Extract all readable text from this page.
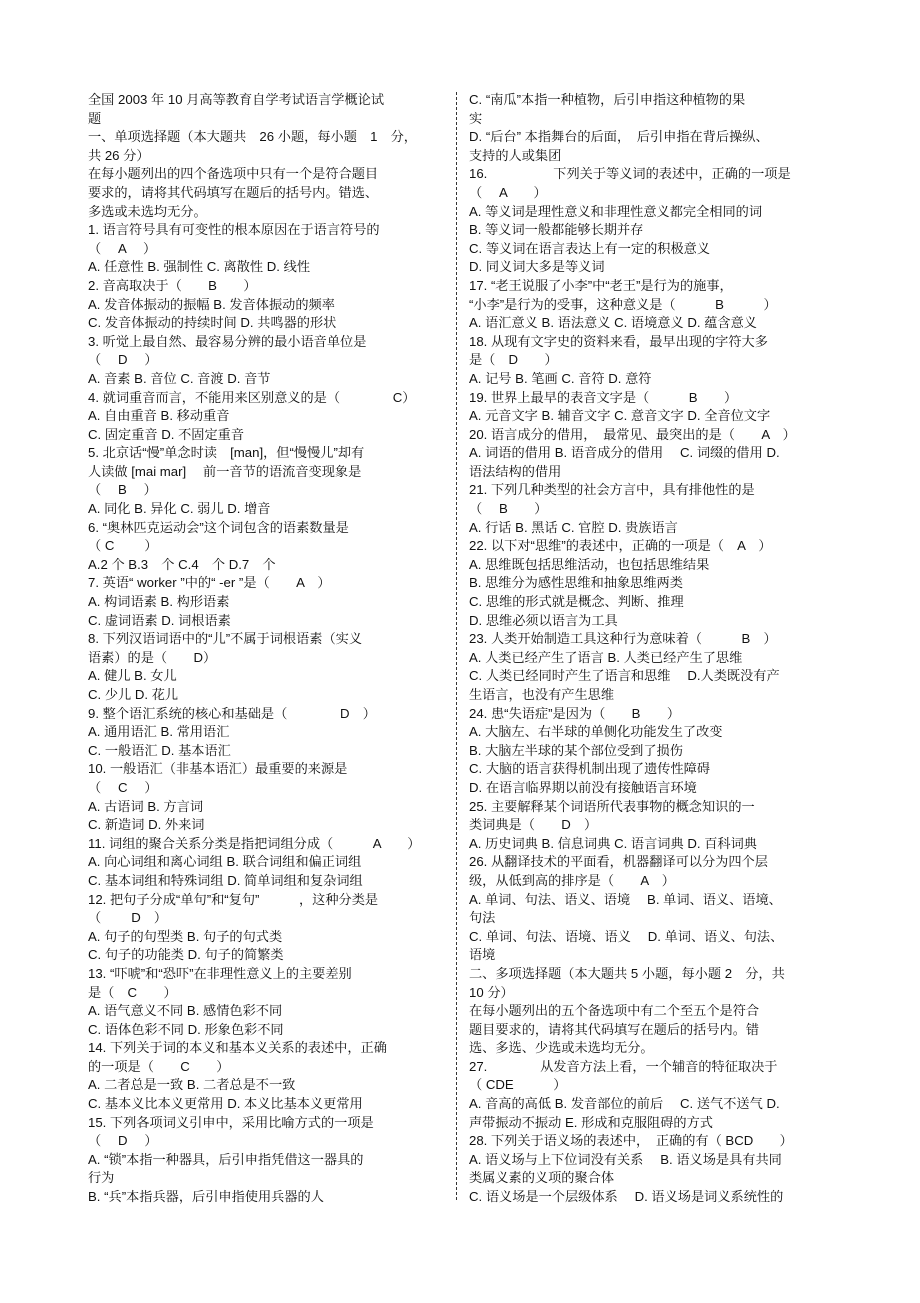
全国 2003 年 10 月高等教育自学考试语言学概论试
题
一、单项选择题（本大题共　26 小题，每小题　1　分，
共 26 分）
在每小题列出的四个备选项中只有一个是符合题目
要求的，请将其代码填写在题后的括号内。错选、
多选或未选均无分。
1. 语言符号具有可变性的根本原因在于语言符号的
（　 A　 ）
A. 任意性 B. 强制性 C. 离散性 D. 线性
2. 音高取决于（　　B　　）
A. 发音体振动的振幅 B. 发音体振动的频率
C. 发音体振动的持续时间 D. 共鸣器的形状
3. 听觉上最自然、最容易分辨的最小语音单位是
（　 D　 ）
A. 音素 B. 音位 C. 音渡 D. 音节
4. 就词重音而言，不能用来区别意义的是（　　　　C）
A. 自由重音 B. 移动重音
C. 固定重音 D. 不固定重音
5. 北京话“慢”单念时读　[man]，但“慢慢儿”却有
人读做 [mai mar]　 前一音节的语流音变现象是
（　 B　 ）
A. 同化 B. 异化 C. 弱儿 D. 增音
6. “奥林匹克运动会”这个词包含的语素数量是
（ C　　 ）
A.2 个 B.3　个 C.4　个 D.7　个
7. 英语“ worker ”中的“ -er ”是（　　A　）
A. 构词语素 B. 构形语素
C. 虚词语素 D. 词根语素
8. 下列汉语词语中的“儿”不属于词根语素（实义
语素）的是（　　D）
A. 健儿 B. 女儿
C. 少儿 D. 花儿
9. 整个语汇系统的核心和基础是（　　　　D　）
A. 通用语汇 B. 常用语汇
C. 一般语汇 D. 基本语汇
10. 一般语汇（非基本语汇）最重要的来源是
（　 C　 ）
A. 古语词 B. 方言词
C. 新造词 D. 外来词
11. 词组的聚合关系分类是指把词组分成（　　　A　　）
A. 向心词组和离心词组 B. 联合词组和偏正词组
C. 基本词组和特殊词组 D. 简单词组和复杂词组
12. 把句子分成“单句”和“复句”　　　，这种分类是
（　　 D　）
A. 句子的句型类 B. 句子的句式类
C. 句子的功能类 D. 句子的简繁类
13. “吓唬”和“恐吓”在非理性意义上的主要差别
是（　C　　）
A. 语气意义不同 B. 感情色彩不同
C. 语体色彩不同 D. 形象色彩不同
14. 下列关于词的本义和基本义关系的表述中，正确
的一项是（　　C　　）
A. 二者总是一致 B. 二者总是不一致
C. 基本义比本义更常用 D. 本义比基本义更常用
15. 下列各项词义引申中，采用比喻方式的一项是
（　 D　 ）
A. “锁”本指一种器具，后引申指凭借这一器具的
行为
B. “兵”本指兵器，后引申指使用兵器的人
C. “南瓜”本指一种植物，后引申指这种植物的果
实
D. “后台” 本指舞台的后面，　后引申指在背后操纵、
支持的人或集团
16.　　　　　下列关于等义词的表述中，正确的一项是
（　 A　　）
A. 等义词是理性意义和非理性意义都完全相同的词
B. 等义词一般都能够长期并存
C. 等义词在语言表达上有一定的积极意义
D. 同义词大多是等义词
17. “老王说服了小李”中“老王”是行为的施事，
“小李”是行为的受事，这种意义是（　　　B　　　）
A. 语汇意义 B. 语法意义 C. 语境意义 D. 蕴含意义
18. 从现有文字史的资料来看，最早出现的字符大多
是（　D　　）
A. 记号 B. 笔画 C. 音符 D. 意符
19. 世界上最早的表音文字是（　　　B　　）
A. 元音文字 B. 辅音文字 C. 意音文字 D. 全音位文字
20. 语言成分的借用，　最常见、最突出的是（　　A　）
A. 词语的借用 B. 语音成分的借用　 C. 词缀的借用 D.
语法结构的借用
21. 下列几种类型的社会方言中，具有排他性的是
（　 B　　）
A. 行话 B. 黑话 C. 官腔 D. 贵族语言
22. 以下对“思维”的表述中，正确的一项是（　A　）
A. 思维既包括思维活动，也包括思维结果
B. 思维分为感性思维和抽象思维两类
C. 思维的形式就是概念、判断、推理
D. 思维必须以语言为工具
23. 人类开始制造工具这种行为意味着（　　　B　）
A. 人类已经产生了语言 B. 人类已经产生了思维
C. 人类已经同时产生了语言和思维　 D.人类既没有产
生语言，也没有产生思维
24. 患“失语症”是因为（　　B　　）
A. 大脑左、右半球的单侧化功能发生了改变
B. 大脑左半球的某个部位受到了损伤
C. 大脑的语言获得机制出现了遗传性障碍
D. 在语言临界期以前没有接触语言环境
25. 主要解释某个词语所代表事物的概念知识的一
类词典是（　　D　）
A. 历史词典 B. 信息词典 C. 语言词典 D. 百科词典
26. 从翻译技术的平面看，机器翻译可以分为四个层
级，从低到高的排序是（　　A　）
A. 单词、句法、语义、语境　 B. 单词、语义、语境、
句法
C. 单词、句法、语境、语义　 D. 单词、语义、句法、
语境
二、多项选择题（本大题共 5 小题，每小题 2　分，共
10 分）
在每小题列出的五个备选项中有二个至五个是符合
题目要求的，请将其代码填写在题后的括号内。错
选、多选、少选或未选均无分。
27.　　　　从发音方法上看，一个辅音的特征取决于
（ CDE　　　）
A. 音高的高低 B. 发音部位的前后　 C. 送气不送气 D.
声带振动不振动 E. 形成和克服阻碍的方式
28. 下列关于语义场的表述中，　正确的有（ BCD　　）
A. 语义场与上下位词没有关系　 B. 语义场是具有共同
类属义素的义项的聚合体
C. 语义场是一个层级体系　 D. 语义场是词义系统性的
